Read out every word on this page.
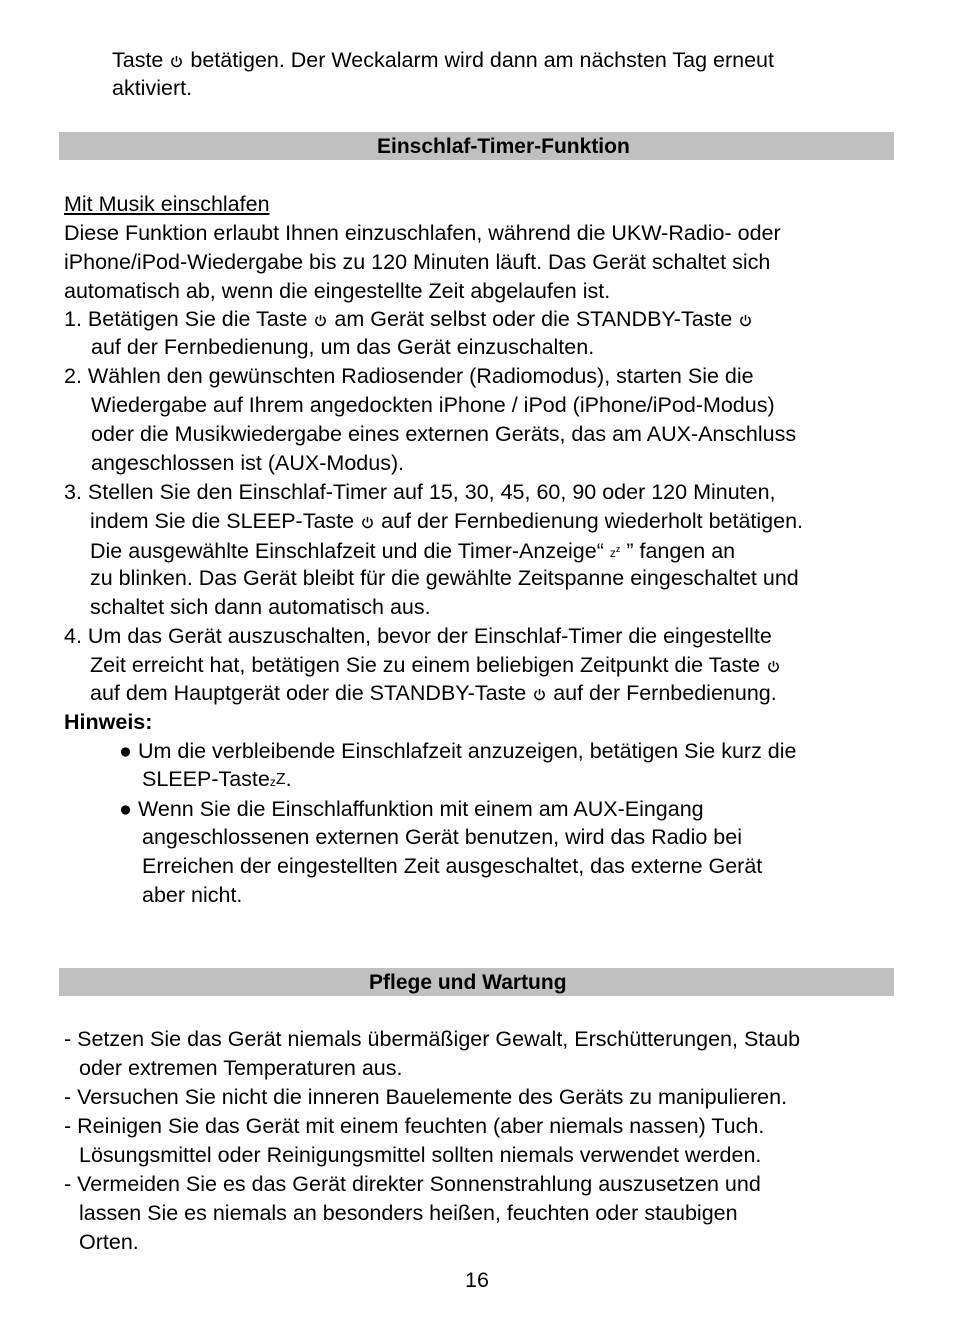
Taste betätigen. Der Weckalarm wird dann am nächsten Tag erneut
aktiviert.
Einschlaf-Timer-Funktion
Mit Musik einschlafen
Diese Funktion erlaubt Ihnen einzuschlafen, während die UKW-Radio- oder
iPhone/iPod-Wiedergabe bis zu 120 Minuten läuft. Das Gerät schaltet sich
automatisch ab, wenn die eingestellte Zeit abgelaufen ist.
1. Betätigen Sie die Taste am Gerät selbst oder die STANDBY-Taste
auf der Fernbedienung, um das Gerät einzuschalten.
2. Wählen den gewünschten Radiosender (Radiomodus), starten Sie die
Wiedergabe auf Ihrem angedockten iPhone / iPod (iPhone/iPod-Modus)
oder die Musikwiedergabe eines externen Geräts, das am AUX-Anschluss
angeschlossen ist (AUX-Modus).
3. Stellen Sie den Einschlaf-Timer auf 15, 30, 45, 60, 90 oder 120 Minuten,
indem Sie die SLEEP-Taste auf der Fernbedienung wiederholt betätigen.
Die ausgewählte Einschlafzeit und die Timer-Anzeige“ $z^z$ ” fangen an
zu blinken. Das Gerät bleibt für die gewählte Zeitspanne eingeschaltet und
schaltet sich dann automatisch aus.
4. Um das Gerät auszuschalten, bevor der Einschlaf-Timer die eingestellte
Zeit erreicht hat, betätigen Sie zu einem beliebigen Zeitpunkt die Taste
auf dem Hauptgerät oder die STANDBY-Taste auf der Fernbedienung.
Hinweis:
● Um die verbleibende Einschlafzeit anzuzeigen, betätigen Sie kurz die
SLEEP-TastezZ.
● Wenn Sie die Einschlaffunktion mit einem am AUX-Eingang
angeschlossenen externen Gerät benutzen, wird das Radio bei
Erreichen der eingestellten Zeit ausgeschaltet, das externe Gerät
aber nicht.
Pflege und Wartung
- Setzen Sie das Gerät niemals übermäßiger Gewalt, Erschütterungen, Staub
oder extremen Temperaturen aus.
- Versuchen Sie nicht die inneren Bauelemente des Geräts zu manipulieren.
- Reinigen Sie das Gerät mit einem feuchten (aber niemals nassen) Tuch.
Lösungsmittel oder Reinigungsmittel sollten niemals verwendet werden.
- Vermeiden Sie es das Gerät direkter Sonnenstrahlung auszusetzen und
lassen Sie es niemals an besonders heißen, feuchten oder staubigen
Orten.
16
